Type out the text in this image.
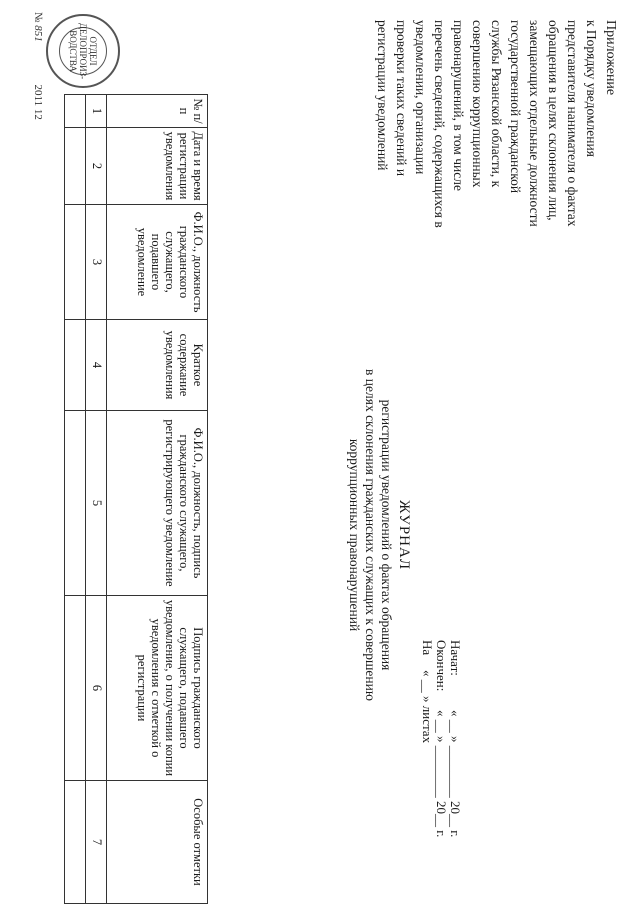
Приложение
к Порядку уведомления
представителя нанимателя о фактах
обращения в целях склонения лиц,
замещающих отдельные должности
государственной гражданской
службы Рязанской области, к
совершению коррупционных
правонарушений, в том числе
перечень сведений, содержащихся в
уведомлении, организации
проверки таких сведений и
регистрации уведомлений
ЖУРНАЛ
регистрации уведомлений о фактах обращения
в целях склонения гражданских служащих к совершению
коррупционных правонарушений
Начат:
« __ » ________ 20__ г.
Окончен:
« __ » ________ 20__ г.
На
« __ » листах
№ п/п	Дата и время регистрации уведомления	Ф.И.О., должность гражданского служащего, подавшего уведомление	Краткое содержание уведомления	Ф.И.О., должность, подпись гражданского служащего, регистрирующего уведомление	Подпись гражданского служащего, подавшего уведомление, о получении копии уведомления с отметкой о регистрации	Особые отметки
1	2	3	4	5	6	7

ОТДЕЛ ДЕЛОПРОИЗ- ВОДСТВА
№ 851 2011 12
